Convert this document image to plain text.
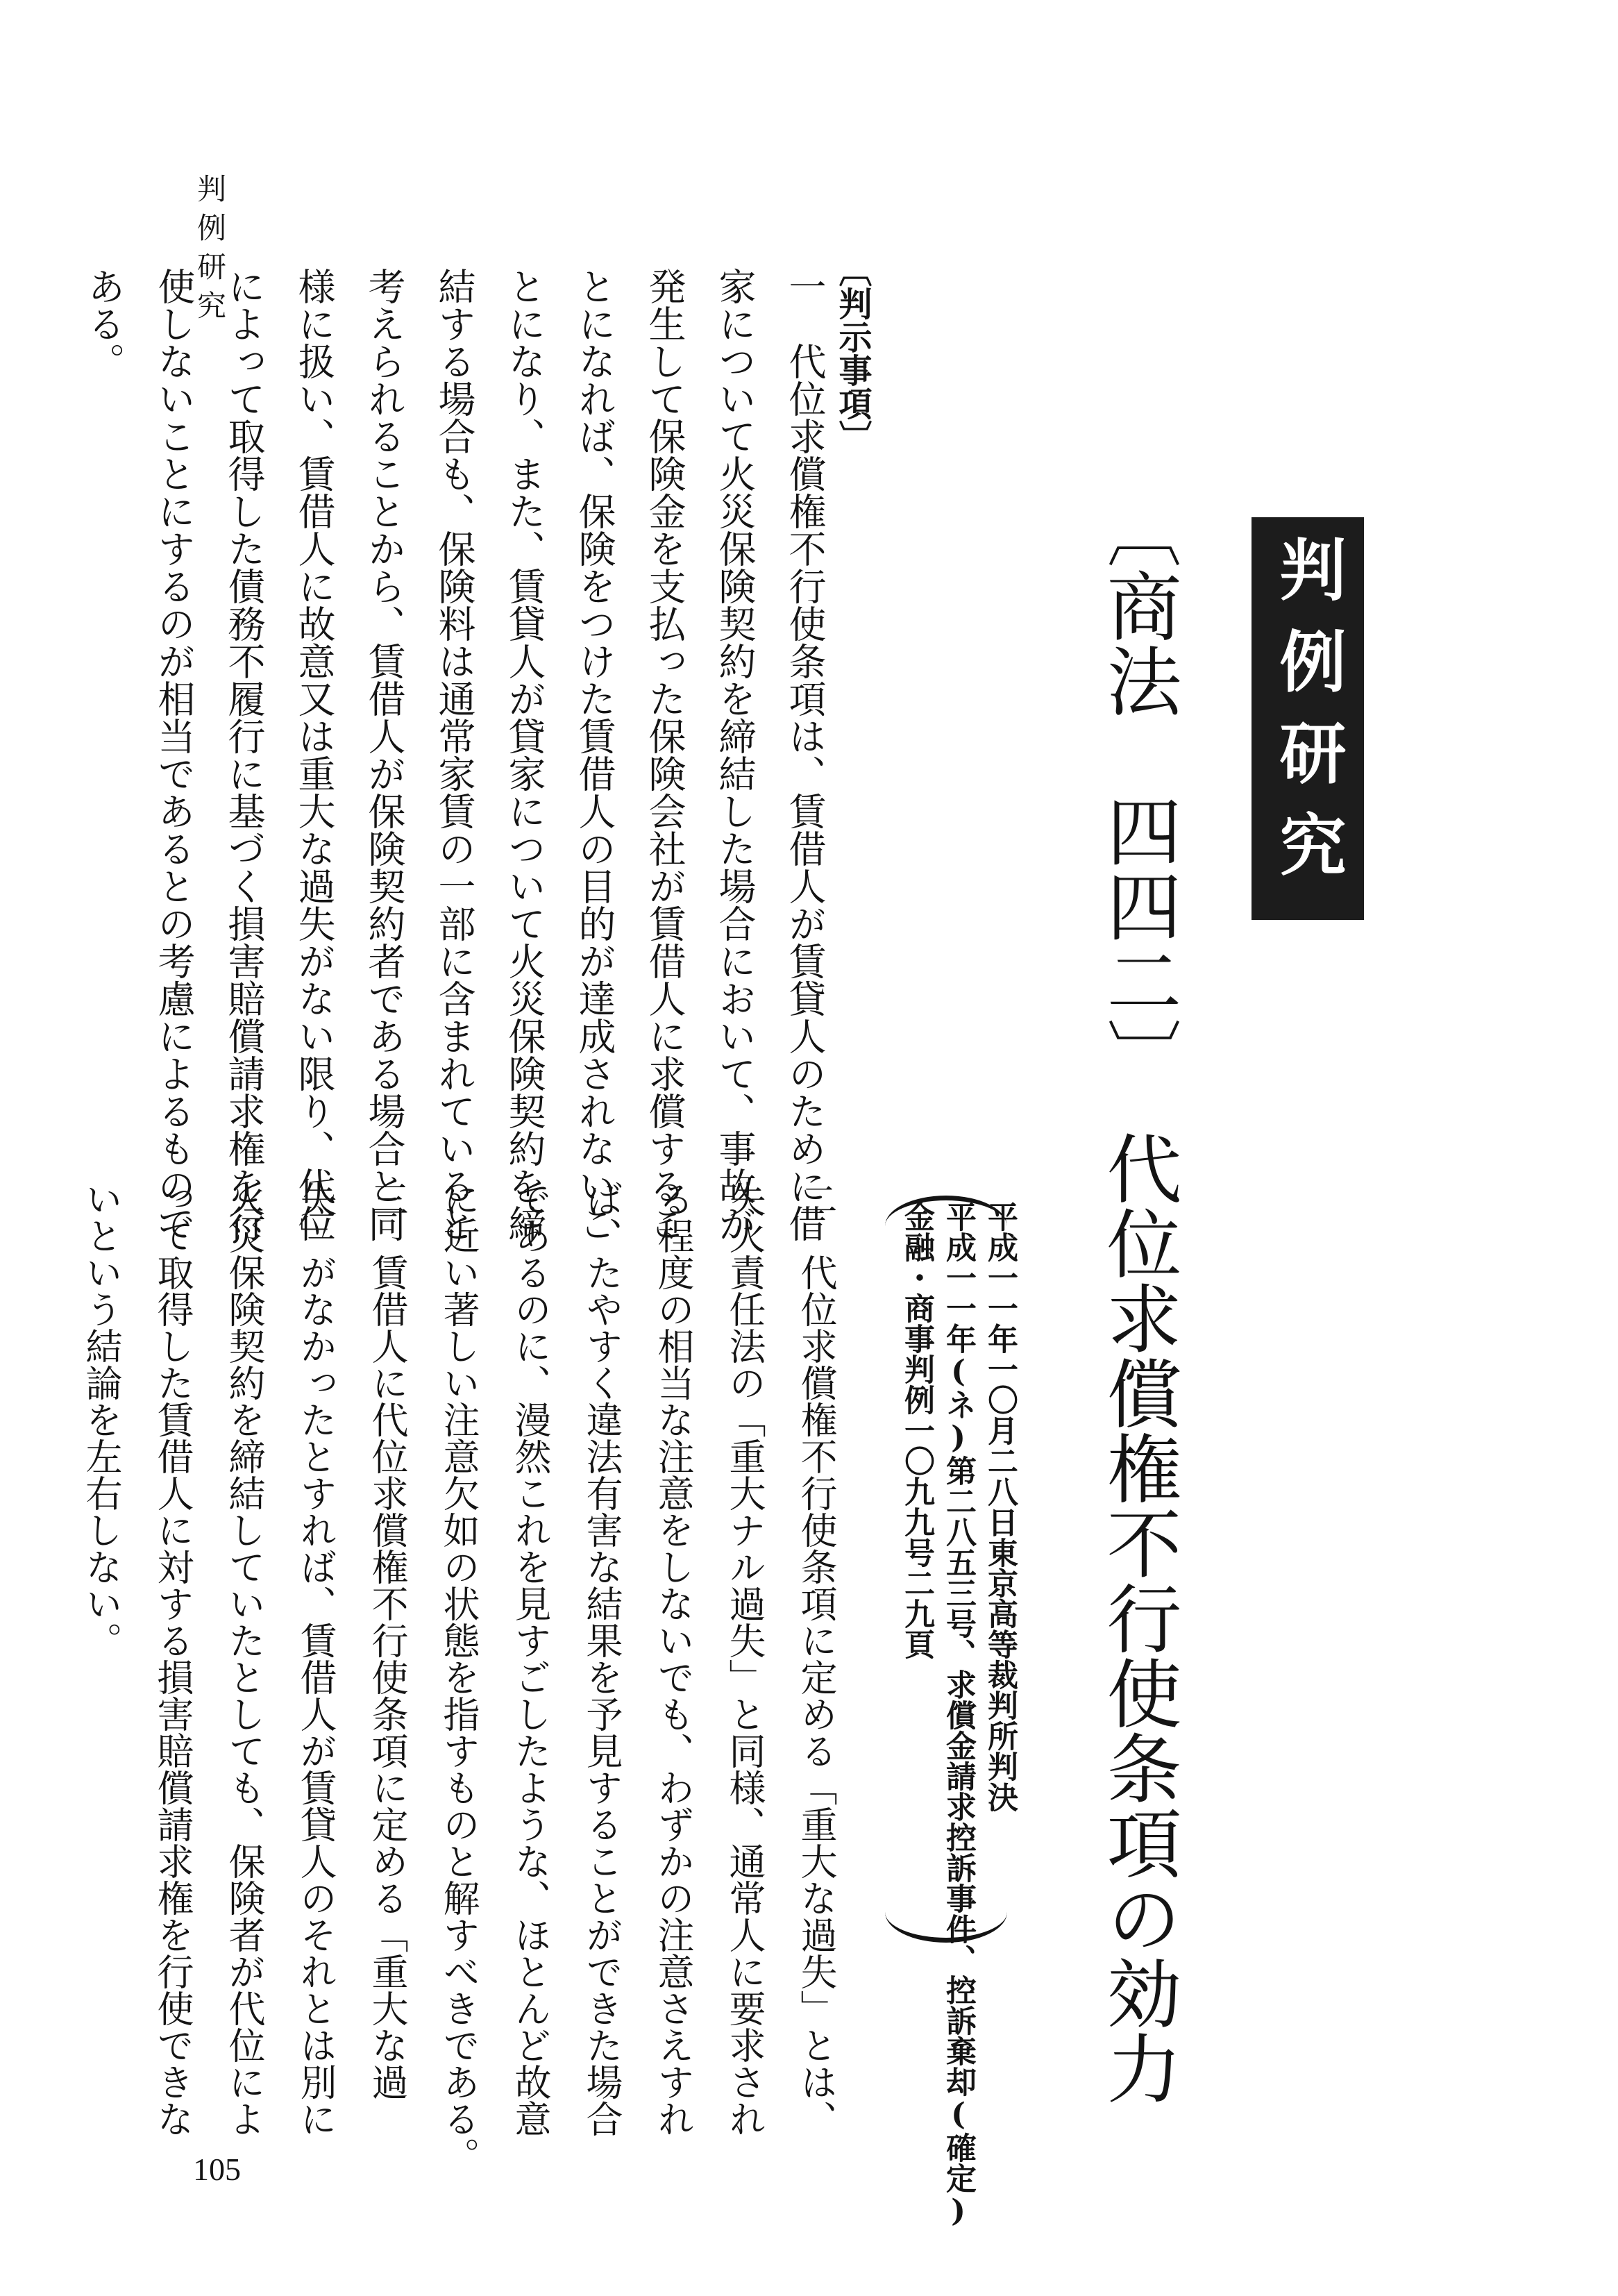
判例研究
判例研究
〔商法　四四二〕　代位求償権不行使条項の効力
平成一一年一〇月二八日東京高等裁判所判決
平成一一年(ネ)第二八五三号、求償金請求控訴事件、控訴棄却(確定)
金融・商事判例一〇九九号二九頁
〔判示事項〕
一　代位求償権不行使条項は、賃借人が賃貸人のために借
家について火災保険契約を締結した場合において、事故が
発生して保険金を支払った保険会社が賃借人に求償するこ
とになれば、保険をつけた賃借人の目的が達成されないこ
とになり、また、賃貸人が貸家について火災保険契約を締
結する場合も、保険料は通常家賃の一部に含まれていると
考えられることから、賃借人が保険契約者である場合と同
様に扱い、賃借人に故意又は重大な過失がない限り、代位
によって取得した債務不履行に基づく損害賠償請求権を行
使しないことにするのが相当であるとの考慮によるもので
ある。
二　代位求償権不行使条項に定める「重大な過失」とは、
失火責任法の「重大ナル過失」と同様、通常人に要求され
る程度の相当な注意をしないでも、わずかの注意さえすれ
ば、たやすく違法有害な結果を予見することができた場合
であるのに、漫然これを見すごしたような、ほとんど故意
に近い著しい注意欠如の状態を指すものと解すべきである。
三　賃借人に代位求償権不行使条項に定める「重大な過
失」がなかったとすれば、賃借人が賃貸人のそれとは別に
火災保険契約を締結していたとしても、保険者が代位によ
って取得した賃借人に対する損害賠償請求権を行使できな
いという結論を左右しない。
105
